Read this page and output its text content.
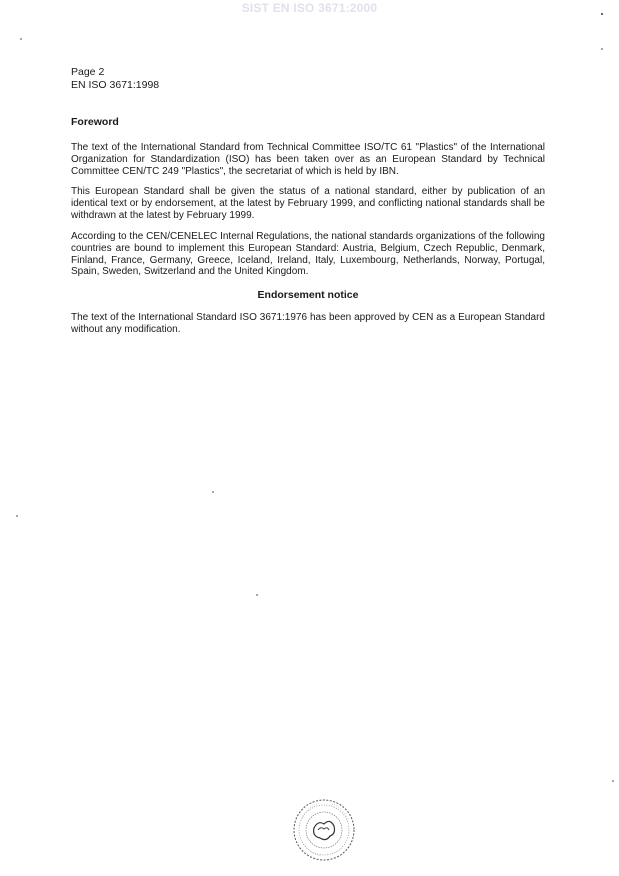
SIST EN ISO 3671:2000
Page 2
EN ISO 3671:1998
Foreword

The text of the International Standard from Technical Committee ISO/TC 61 "Plastics" of the International Organization for Standardization (ISO) has been taken over as an European Standard by Technical Committee CEN/TC 249 "Plastics", the secretariat of which is held by IBN.

This European Standard shall be given the status of a national standard, either by publication of an identical text or by endorsement, at the latest by February 1999, and conflicting national standards shall be withdrawn at the latest by February 1999.

According to the CEN/CENELEC Internal Regulations, the national standards organizations of the following countries are bound to implement this European Standard: Austria, Belgium, Czech Republic, Denmark, Finland, France, Germany, Greece, Iceland, Ireland, Italy, Luxembourg, Netherlands, Norway, Portugal, Spain, Sweden, Switzerland and the United Kingdom.

Endorsement notice

The text of the International Standard ISO 3671:1976 has been approved by CEN as a European Standard without any modification.
